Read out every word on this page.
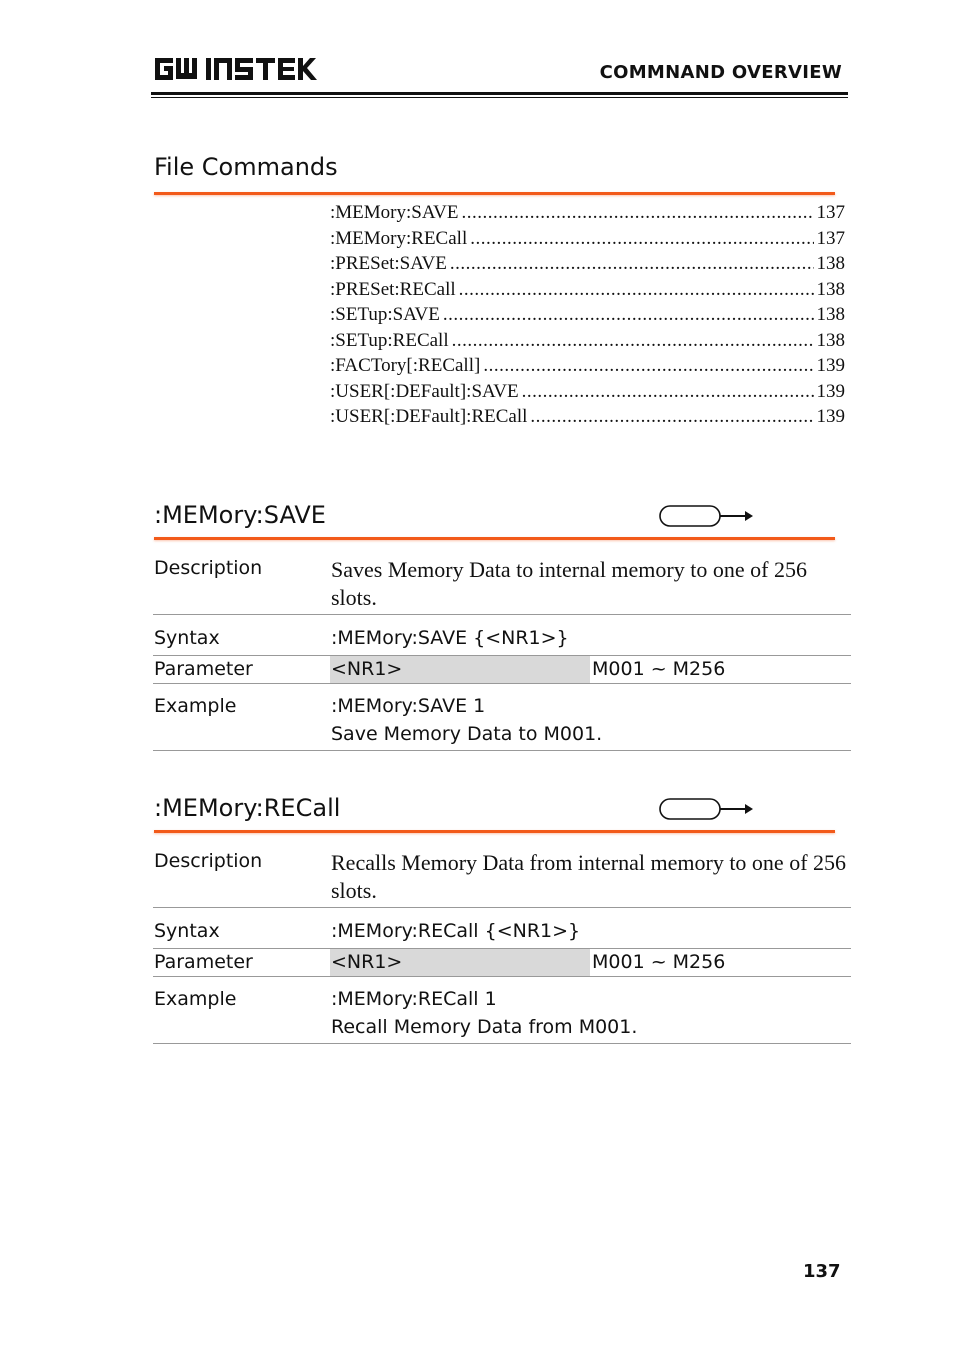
COMMNAND OVERVIEW
File Commands
:MEMory:SAVE .....	137
:MEMory:RECall .....	137
:PRESet:SAVE .....	138
:PRESet:RECall .....	138
:SETup:SAVE .....	138
:SETup:RECall .....	138
:FACTory[:RECall] .....	139
:USER[:DEFault]:SAVE .....	139
:USER[:DEFault]:RECall .....	139
:MEMory:SAVE
Description	Saves Memory Data to internal memory to one of 256 slots.
Syntax	:MEMory:SAVE {<NR1>}
Parameter	<NR1>	M001 ~ M256
Example	:MEMory:SAVE 1
Save Memory Data to M001.
:MEMory:RECall
Description	Recalls Memory Data from internal memory to one of 256 slots.
Syntax	:MEMory:RECall {<NR1>}
Parameter	<NR1>	M001 ~ M256
Example	:MEMory:RECall 1
Recall Memory Data from M001.
137
